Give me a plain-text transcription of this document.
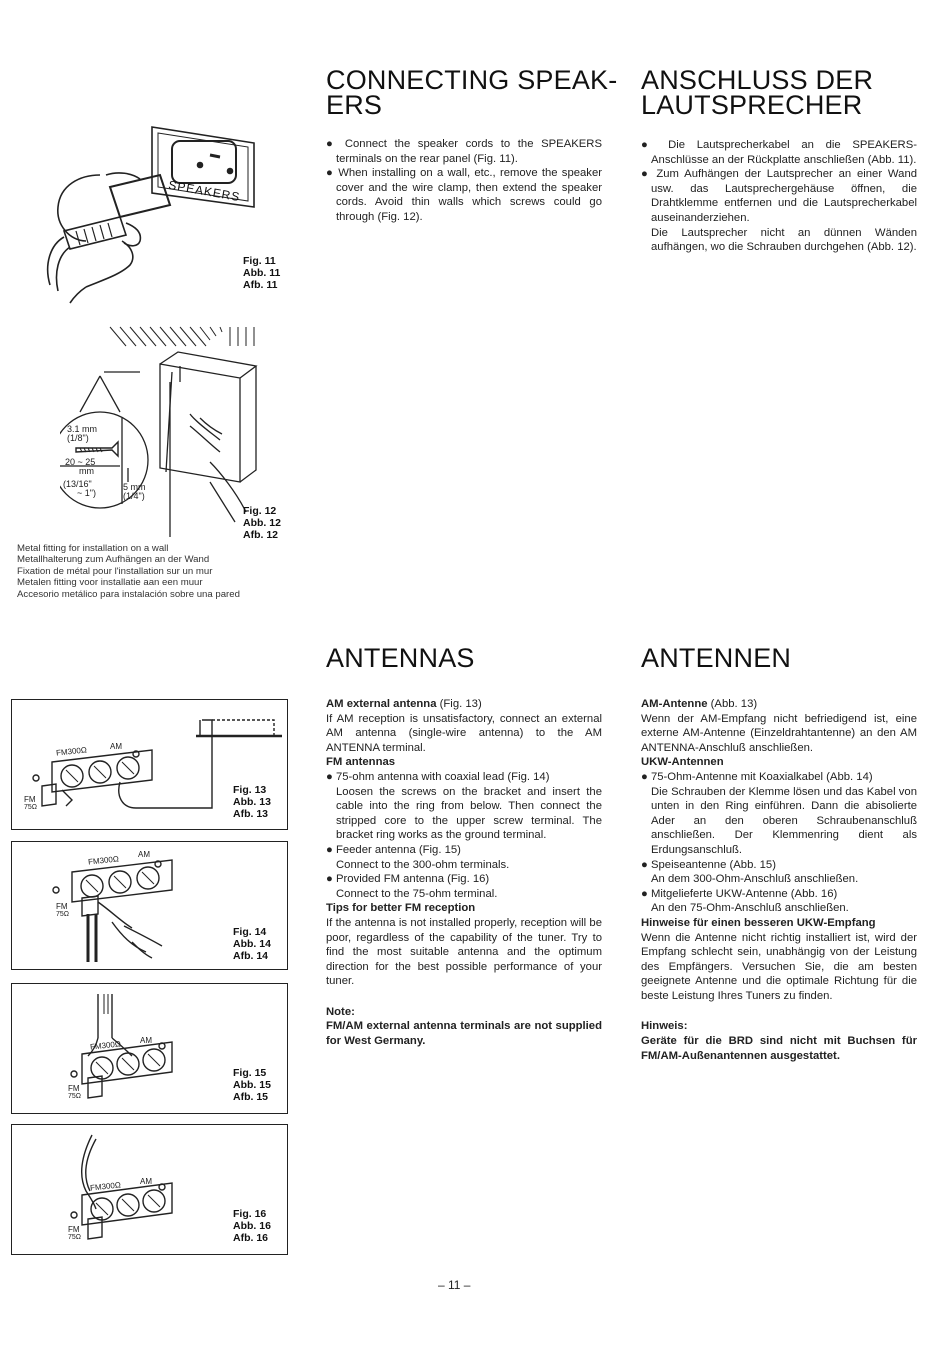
SPEAKERS
Fig. 11
Abb. 11
Afb. 11
3.1 mm
(1/8")
20 ~ 25
mm
(13/16"
~ 1")
5 mm
(1/4")
Fig. 12
Abb. 12
Afb. 12
Metal fitting for installation on a wall
Metallhalterung zum Aufhängen an der Wand
Fixation de métal pour l'installation sur un mur
Metalen fitting voor installatie aan een muur
Accesorio metálico para instalación sobre una pared
CONNECTING SPEAK-
ERS

● Connect the speaker cords to the SPEAKERS terminals on the rear panel (Fig. 11).

● When installing on a wall, etc., remove the speaker cover and the wire clamp, then extend the speaker cords. Avoid thin walls which screws could go through (Fig. 12).

ANSCHLUSS DER
LAUTSPRECHER

● Die Lautsprecherkabel an die SPEAKERS-Anschlüsse an der Rückplatte anschließen (Abb. 11).

● Zum Aufhängen der Lautsprecher an einer Wand usw. das Lautsprechergehäuse öffnen, die Drahtklemme entfernen und die Lautsprecherkabel auseinanderziehen.

Die Lautsprecher nicht an dünnen Wänden aufhängen, wo die Schrauben durchgehen (Abb. 12).

ANTENNAS

AM external antenna (Fig. 13)

If AM reception is unsatisfactory, connect an external AM antenna (single-wire antenna) to the AM ANTENNA terminal.

FM antennas

● 75-ohm antenna with coaxial lead (Fig. 14)

Loosen the screws on the bracket and insert the cable into the ring from below. Then connect the stripped core to the upper screw terminal. The bracket ring works as the ground terminal.

● Feeder antenna (Fig. 15)

Connect to the 300-ohm terminals.

● Provided FM antenna (Fig. 16)

Connect to the 75-ohm terminal.

Tips for better FM reception

If the antenna is not installed properly, reception will be poor, regardless of the capability of the tuner. Try to find the most suitable antenna and the optimum direction for the best possible performance of your tuner.

Note:

FM/AM external antenna terminals are not supplied for West Germany.

ANTENNEN

AM-Antenne (Abb. 13)

Wenn der AM-Empfang nicht befriedigend ist, eine externe AM-Antenne (Einzeldrahtantenne) an den AM ANTENNA-Anschluß anschließen.

UKW-Antennen

● 75-Ohm-Antenne mit Koaxialkabel (Abb. 14)

Die Schrauben der Klemme lösen und das Kabel von unten in den Ring einführen. Dann die abisolierte Ader an den oberen Schraubenanschluß anschließen. Der Klemmenring dient als Erdungsanschluß.

● Speiseantenne (Abb. 15)

An dem 300-Ohm-Anschluß anschließen.

● Mitgelieferte UKW-Antenne (Abb. 16)

An den 75-Ohm-Anschluß anschließen.

Hinweise für einen besseren UKW-Empfang

Wenn die Antenne nicht richtig installiert ist, wird der Empfang schlecht sein, unabhängig von der Leistung des Empfängers. Versuchen Sie, die am besten geeignete Antenne und die optimale Richtung für die beste Leistung Ihres Tuners zu finden.

Hinweis:

Geräte für die BRD sind nicht mit Buchsen für FM/AM-Außenantennen ausgestattet.

FM300Ω	AM
FM
75Ω
Fig. 13
Abb. 13
Afb. 13
FM300Ω AM
FM
75Ω
Fig. 14
Abb. 14
Afb. 14
FM300Ω AM
FM
75Ω
Fig. 15
Abb. 15
Afb. 15
FM300Ω AM
FM
75Ω
Fig. 16
Abb. 16
Afb. 16
– 11 –
